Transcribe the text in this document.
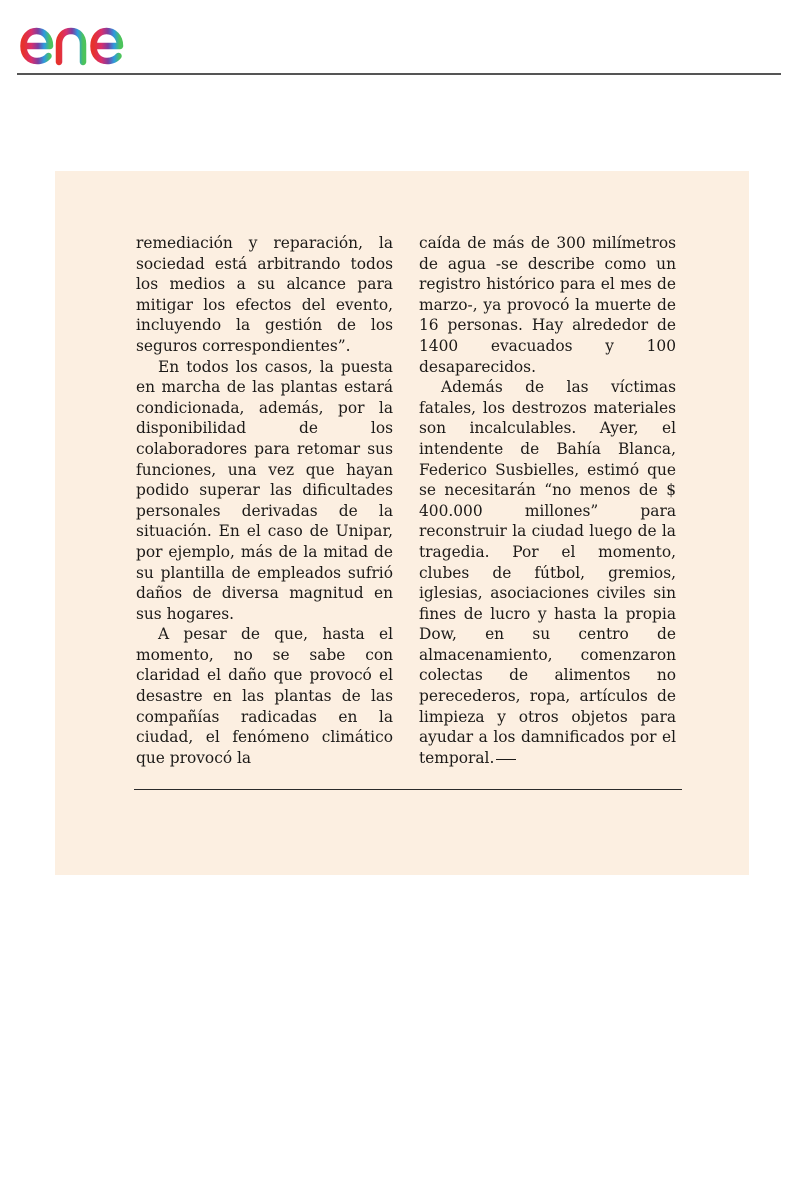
remediación y reparación, la sociedad está arbitrando todos los medios a su alcance para mitigar los efectos del evento, incluyendo la gestión de los seguros correspondientes”.

En todos los casos, la puesta en marcha de las plantas estará condicionada, además, por la disponibilidad de los colaboradores para retomar sus funciones, una vez que hayan podido superar las dificultades personales derivadas de la situación. En el caso de Unipar, por ejemplo, más de la mitad de su plantilla de empleados sufrió daños de diversa magnitud en sus hogares.

A pesar de que, hasta el momento, no se sabe con claridad el daño que provocó el desastre en las plantas de las compañías radicadas en la ciudad, el fenómeno climático que provocó la

caída de más de 300 milímetros de agua -se describe como un registro histórico para el mes de marzo-, ya provocó la muerte de 16 personas. Hay alrededor de 1400 evacuados y 100 desaparecidos.

Además de las víctimas fatales, los destrozos materiales son incalculables. Ayer, el intendente de Bahía Blanca, Federico Susbielles, estimó que se necesitarán “no menos de $ 400.000 millones” para reconstruir la ciudad luego de la tragedia. Por el momento, clubes de fútbol, gremios, iglesias, asociaciones civiles sin fines de lucro y hasta la propia Dow, en su centro de almacenamiento, comenzaron colectas de alimentos no perecederos, ropa, artículos de limpieza y otros objetos para ayudar a los damnificados por el temporal.
